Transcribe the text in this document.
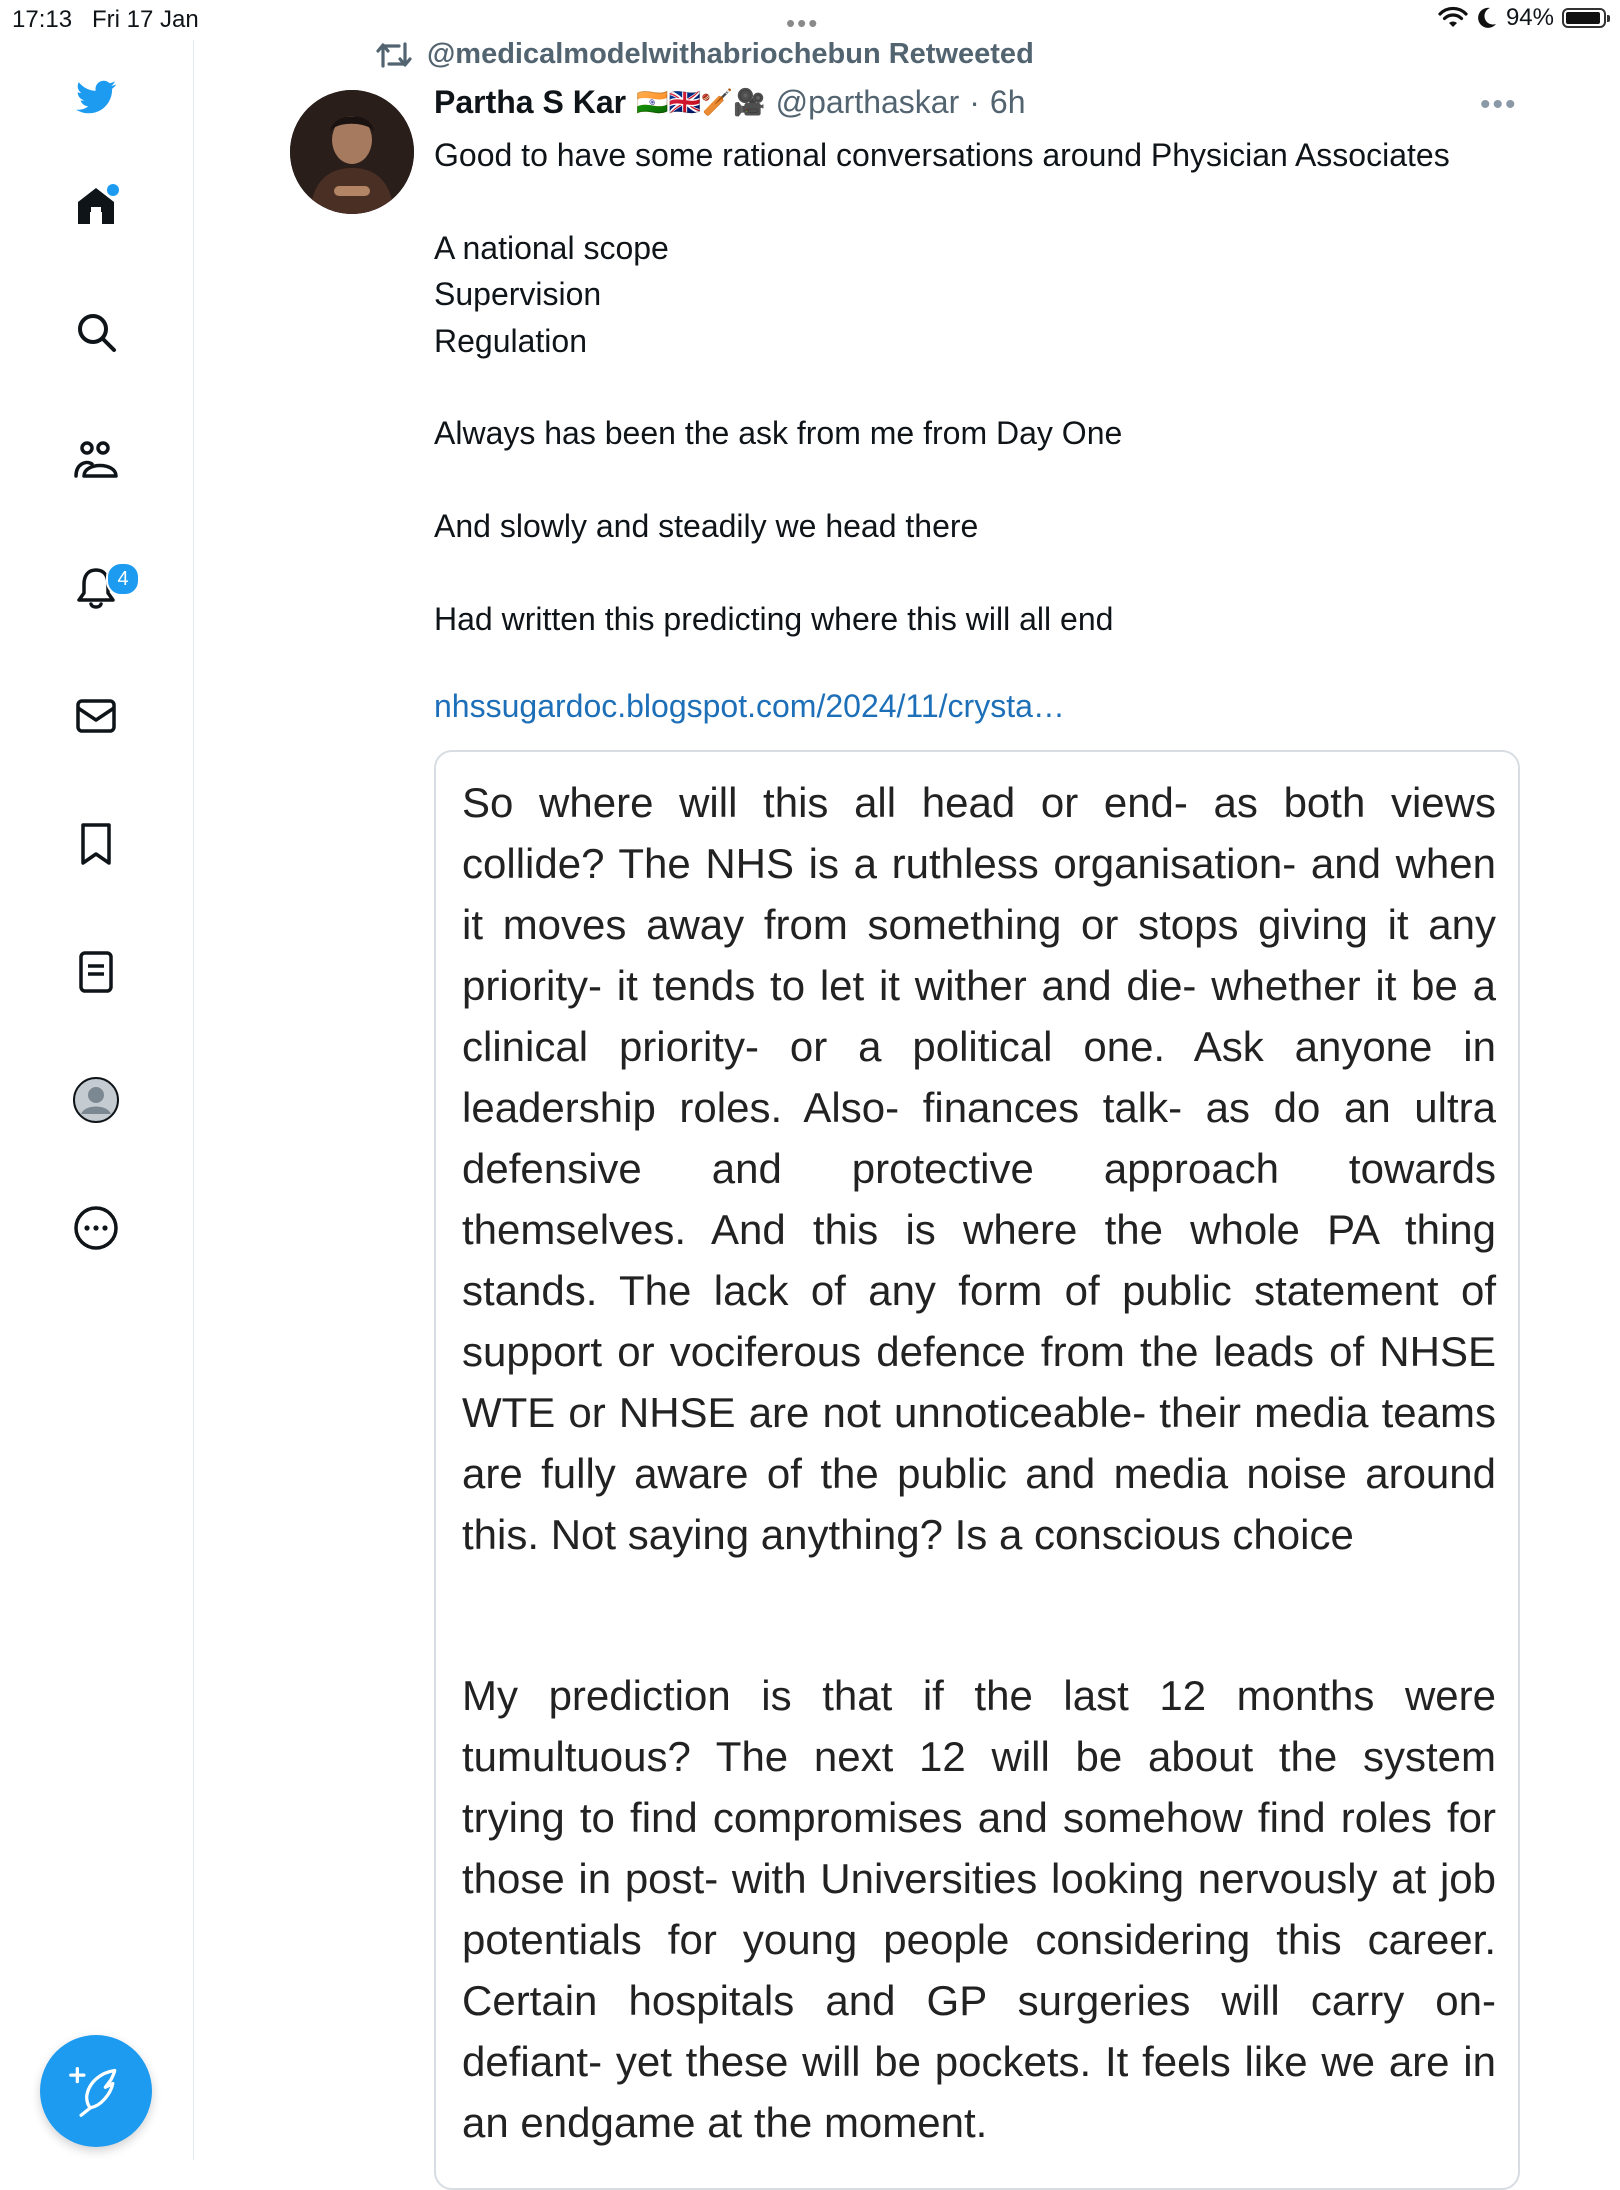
17:13 Fri 17 Jan	•••	94%
4
@medicalmodelwithabriochebun Retweeted
Partha S Kar 🇮🇳🇬🇧🏏🎥 @parthaskar · 6h	•••
Good to have some rational conversations around Physician Associates

A national scope
Supervision
Regulation

Always has been the ask from me from Day One

And slowly and steadily we head there

Had written this predicting where this will all end
nhssugardoc.blogspot.com/2024/11/crysta…

So where will this all head or end- as both views collide? The NHS is a ruthless organisation- and when it moves away from something or stops giving it any priority- it tends to let it wither and die- whether it be a clinical priority- or a political one. Ask anyone in leadership roles. Also- finances talk- as do an ultra defensive and protective approach towards themselves. And this is where the whole PA thing stands. The lack of any form of public statement of support or vociferous defence from the leads of NHSE WTE or NHSE are not unnoticeable- their media teams are fully aware of the public and media noise around this. Not saying anything? Is a conscious choice

My prediction is that if the last 12 months were tumultuous? The next 12 will be about the system trying to find compromises and somehow find roles for those in post- with Universities looking nervously at job potentials for young people considering this career. Certain hospitals and GP surgeries will carry on-defiant- yet these will be pockets. It feels like we are in an endgame at the moment.
